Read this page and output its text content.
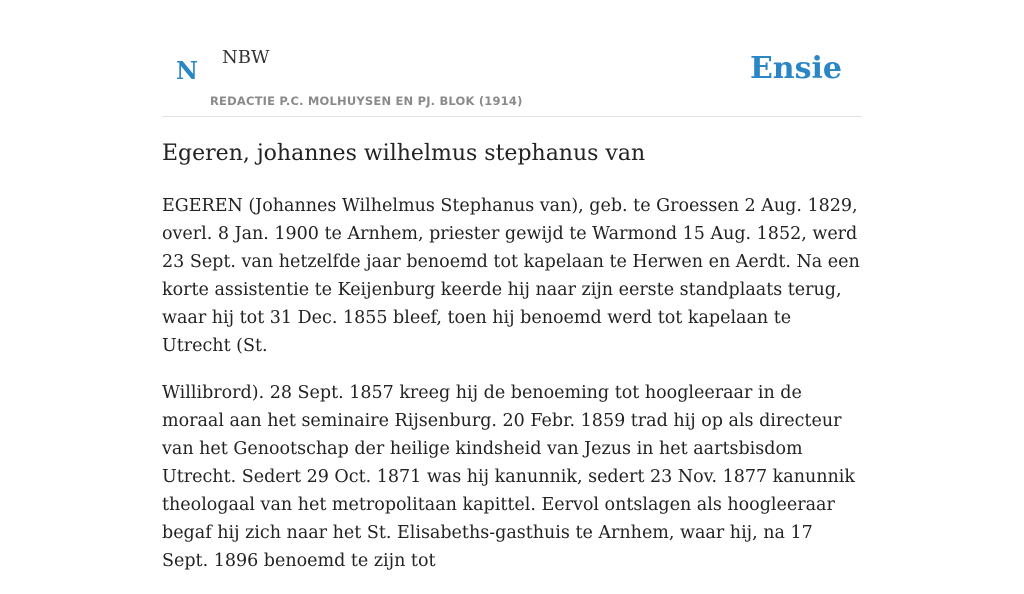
N NBW
REDACTIE P.C. MOLHUYSEN EN PJ. BLOK (1914)
Ensie
Egeren, johannes wilhelmus stephanus van

EGEREN (Johannes Wilhelmus Stephanus van), geb. te Groessen 2 Aug. 1829, overl. 8 Jan. 1900 te Arnhem, priester gewijd te Warmond 15 Aug. 1852, werd 23 Sept. van hetzelfde jaar benoemd tot kapelaan te Herwen en Aerdt. Na een korte assistentie te Keijenburg keerde hij naar zijn eerste standplaats terug, waar hij tot 31 Dec. 1855 bleef, toen hij benoemd werd tot kapelaan te Utrecht (St.

Willibrord). 28 Sept. 1857 kreeg hij de benoeming tot hoogleeraar in de moraal aan het seminaire Rijsenburg. 20 Febr. 1859 trad hij op als directeur van het Genootschap der heilige kindsheid van Jezus in het aartsbisdom Utrecht. Sedert 29 Oct. 1871 was hij kanunnik, sedert 23 Nov. 1877 kanunnik theologaal van het metropolitaan kapittel. Eervol ontslagen als hoogleeraar begaf hij zich naar het St. Elisabeths-gasthuis te Arnhem, waar hij, na 17 Sept. 1896 benoemd te zijn tot
